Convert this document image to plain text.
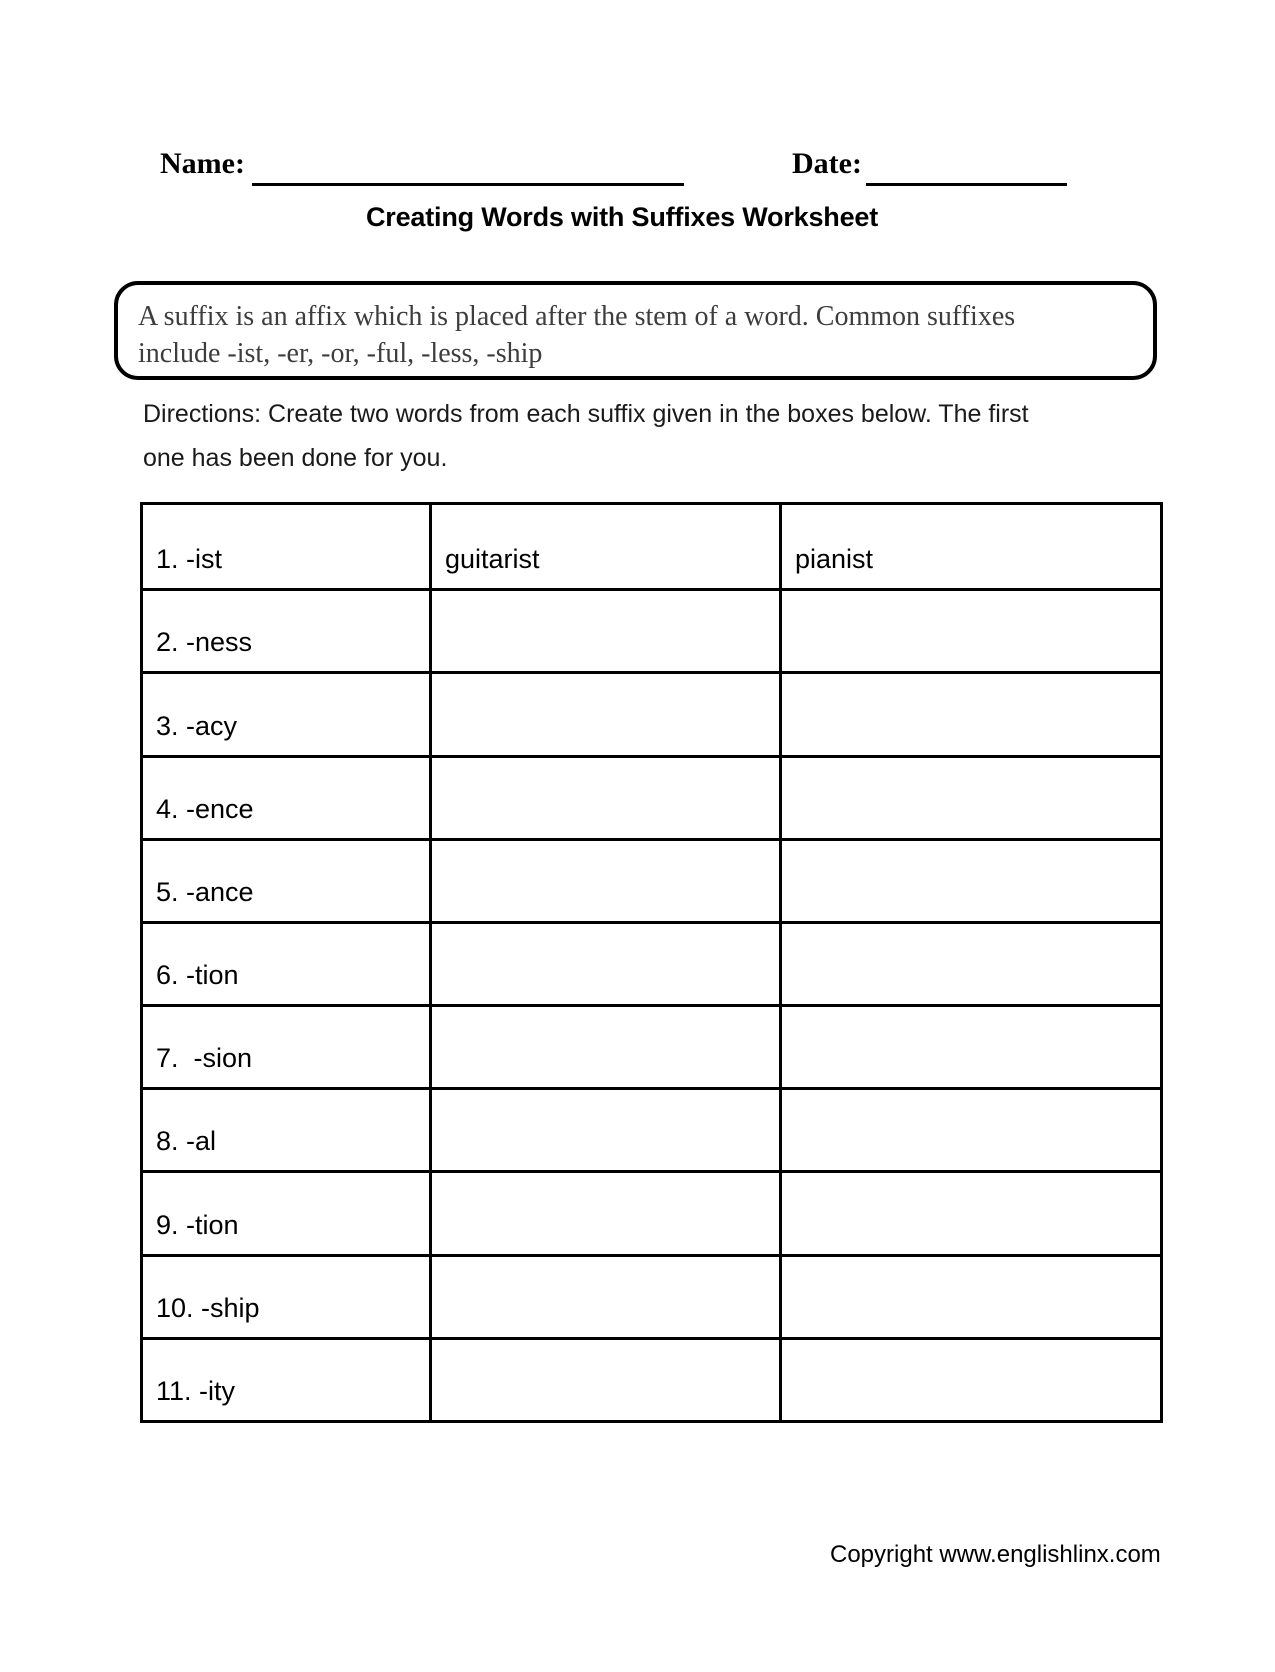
Name:	Date:
Creating Words with Suffixes Worksheet
A suffix is an affix which is placed after the stem of a word. Common suffixes
include -ist, -er, -or, -ful, -less, -ship
Directions: Create two words from each suffix given in the boxes below. The first
one has been done for you.
1. -ist	guitarist	pianist
2. -ness
3. -acy
4. -ence
5. -ance
6. -tion
7.  -sion
8. -al
9. -tion
10. -ship
11. -ity
Copyright www.englishlinx.com
